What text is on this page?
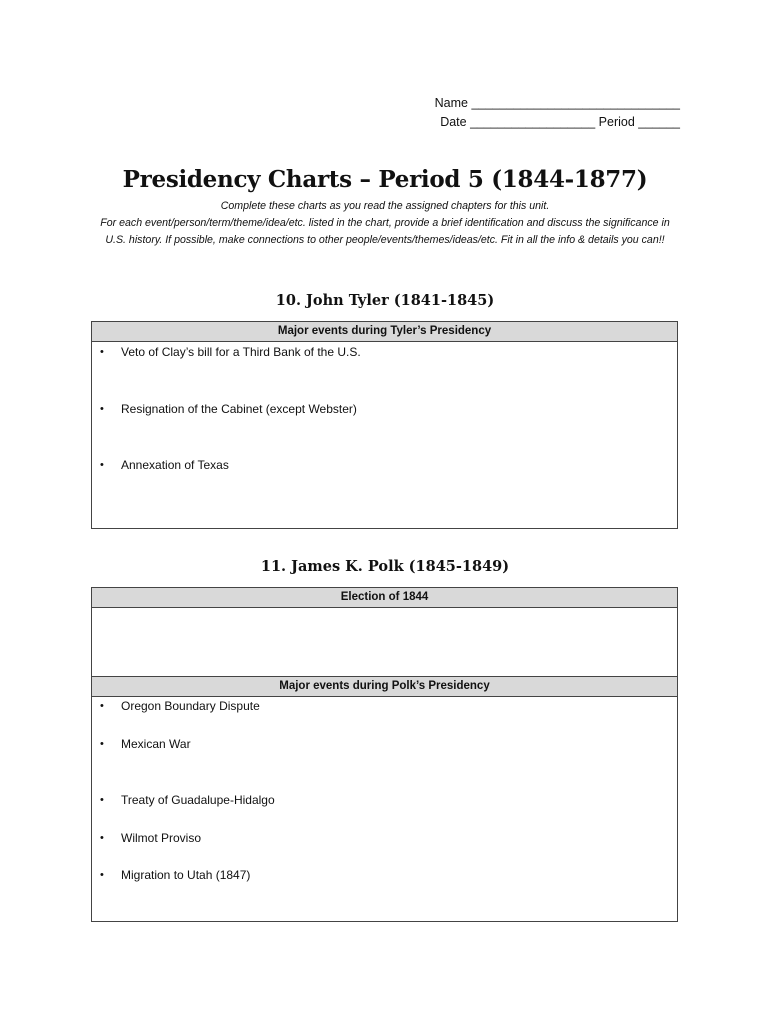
Name ______________________________
Date __________________ Period ______
Presidency Charts – Period 5 (1844-1877)

Complete these charts as you read the assigned chapters for this unit.

For each event/person/term/theme/idea/etc. listed in the chart, provide a brief identification and discuss the significance in U.S. history. If possible, make connections to other people/events/themes/ideas/etc. Fit in all the info & details you can!!

10. John Tyler (1841-1845)
Major events during Tyler’s Presidency
• Veto of Clay’s bill for a Third Bank of the U.S.
• Resignation of the Cabinet (except Webster)
• Annexation of Texas
11. James K. Polk (1845-1849)
Election of 1844
Major events during Polk’s Presidency
• Oregon Boundary Dispute
• Mexican War
• Treaty of Guadalupe-Hidalgo
• Wilmot Proviso
• Migration to Utah (1847)
